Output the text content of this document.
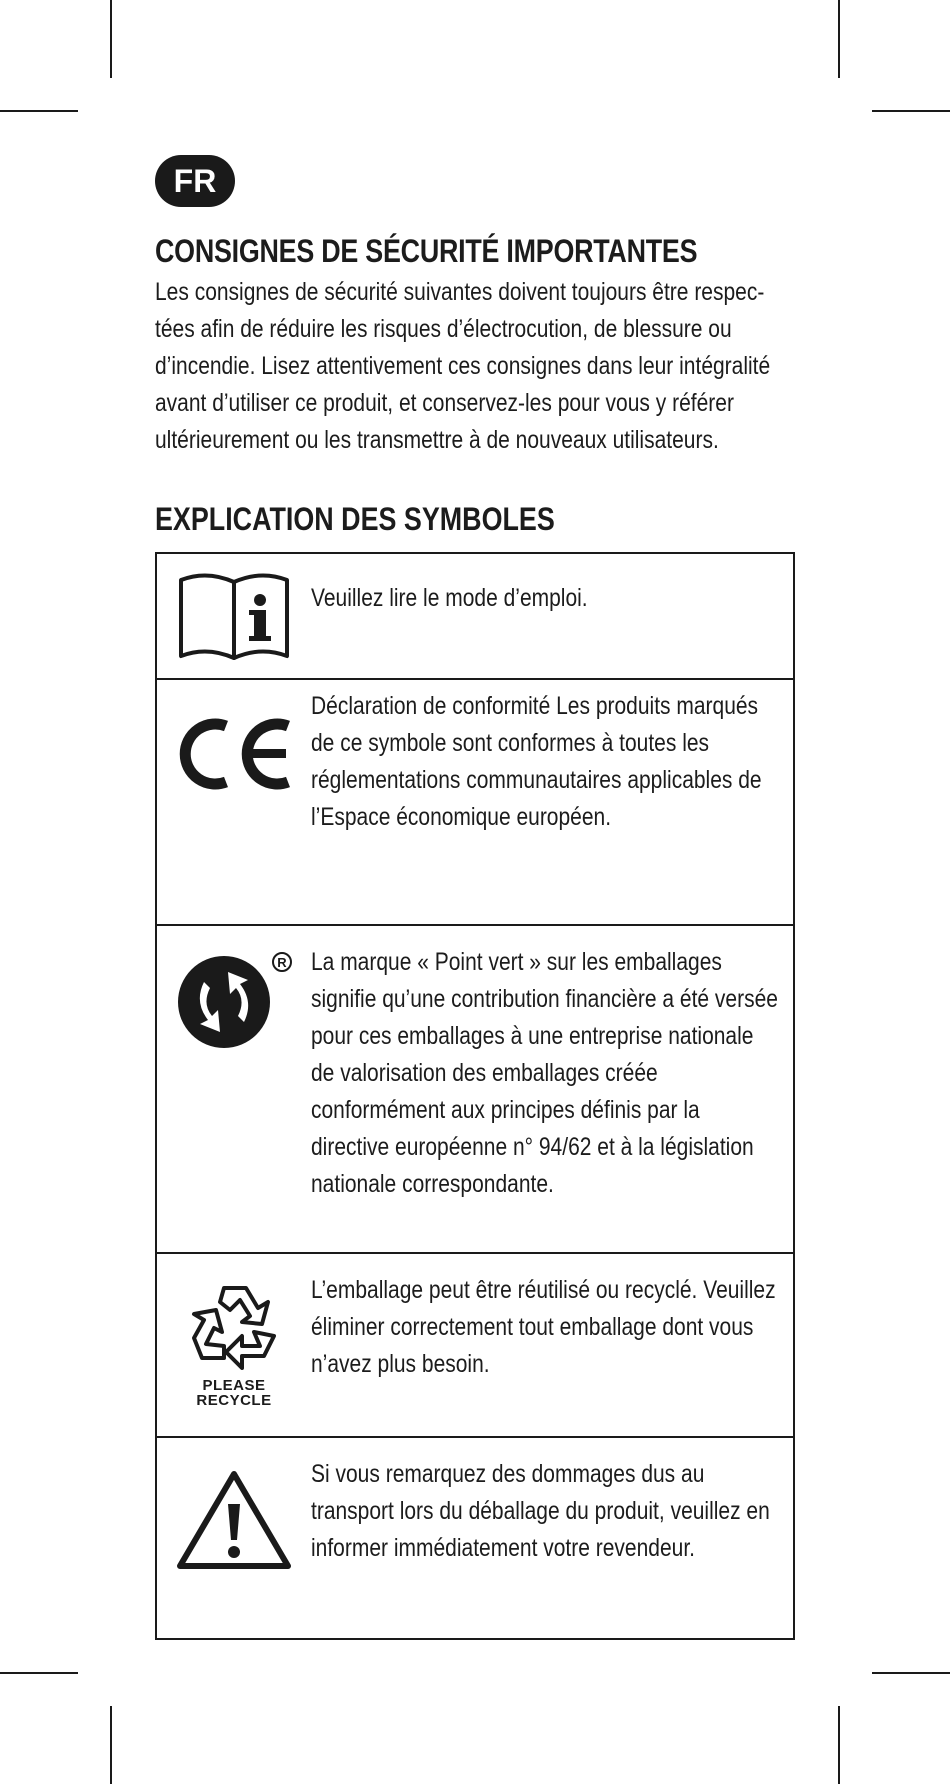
FR
CONSIGNES DE SÉCURITÉ IMPORTANTES

Les consignes de sécurité suivantes doivent toujours être respec-tées afin de réduire les risques d’électrocution, de blessure ou d’incendie. Lisez attentivement ces consignes dans leur intégralité avant d’utiliser ce produit, et conservez-les pour vous y référer ultérieurement ou les transmettre à de nouveaux utilisateurs.

EXPLICATION DES SYMBOLES
Veuillez lire le mode d’emploi.
Déclaration de conformité Les produits marqués de ce symbole sont conformes à toutes les réglementations communautaires applicables de l’Espace économique européen.
R La marque « Point vert » sur les emballages signifie qu’une contribution financière a été versée pour ces emballages à une entreprise nationale de valorisation des emballages créée conformément aux principes définis par la directive européenne n° 94/62 et à la législation nationale correspondante.
PLEASE RECYCLE
L’emballage peut être réutilisé ou recyclé. Veuillez éliminer correctement tout emballage dont vous n’avez plus besoin.
Si vous remarquez des dommages dus au transport lors du déballage du produit, veuillez en informer immédiatement votre revendeur.
